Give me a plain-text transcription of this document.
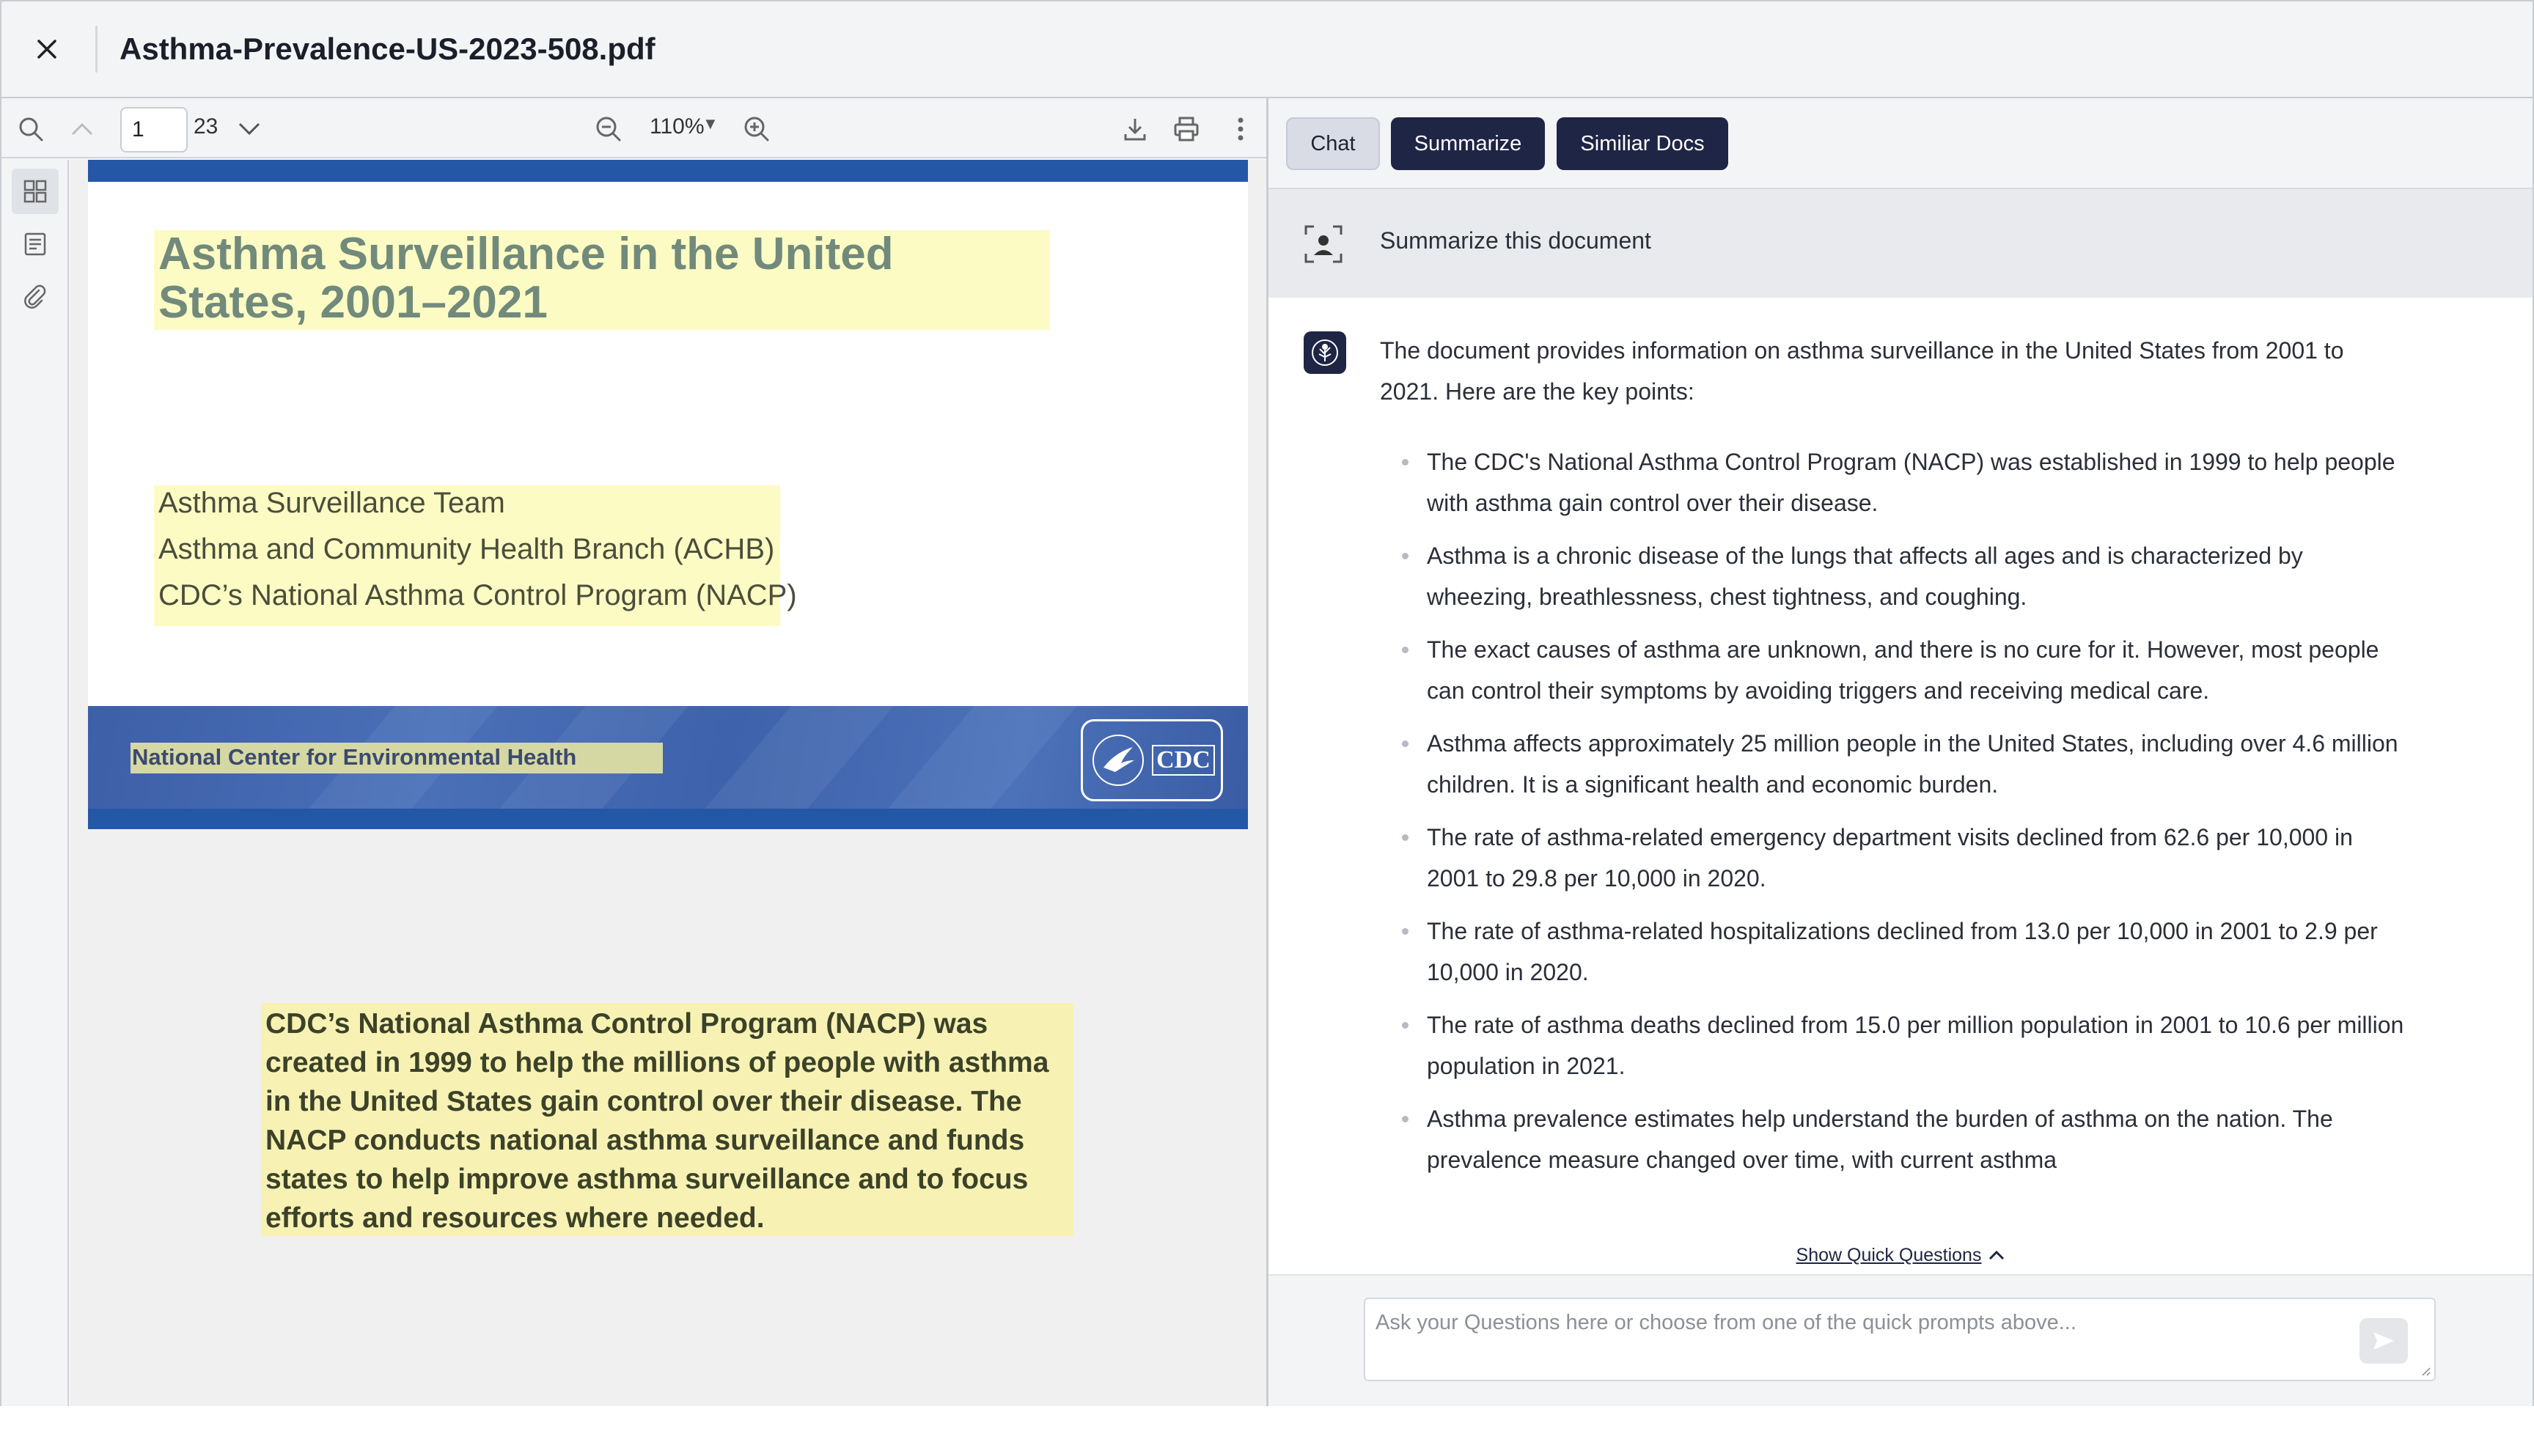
Asthma-Prevalence-US-2023-508.pdf
1	23	110%
▼
Asthma Surveillance in the United States, 2001–2021
Asthma Surveillance Team
Asthma and Community Health Branch (ACHB)
CDC’s National Asthma Control Program (NACP)
National Center for Environmental Health	CDC
CDC’s National Asthma Control Program (NACP) was created in 1999 to help the millions of people with asthma in the United States gain control over their disease. The NACP conducts national asthma surveillance and funds states to help improve asthma surveillance and to focus efforts and resources where needed.
Chat	Summarize	Similiar Docs
Summarize this document
The document provides information on asthma surveillance in the United States from 2001 to 2021. Here are the key points:
The CDC's National Asthma Control Program (NACP) was established in 1999 to help people with asthma gain control over their disease.
Asthma is a chronic disease of the lungs that affects all ages and is characterized by wheezing, breathlessness, chest tightness, and coughing.
The exact causes of asthma are unknown, and there is no cure for it. However, most people can control their symptoms by avoiding triggers and receiving medical care.
Asthma affects approximately 25 million people in the United States, including over 4.6 million children. It is a significant health and economic burden.
The rate of asthma-related emergency department visits declined from 62.6 per 10,000 in 2001 to 29.8 per 10,000 in 2020.
The rate of asthma-related hospitalizations declined from 13.0 per 10,000 in 2001 to 2.9 per 10,000 in 2020.
The rate of asthma deaths declined from 15.0 per million population in 2001 to 10.6 per million population in 2021.
Asthma prevalence estimates help understand the burden of asthma on the nation. The prevalence measure changed over time, with current asthma
Show Quick Questions
Ask your Questions here or choose from one of the quick prompts above...
